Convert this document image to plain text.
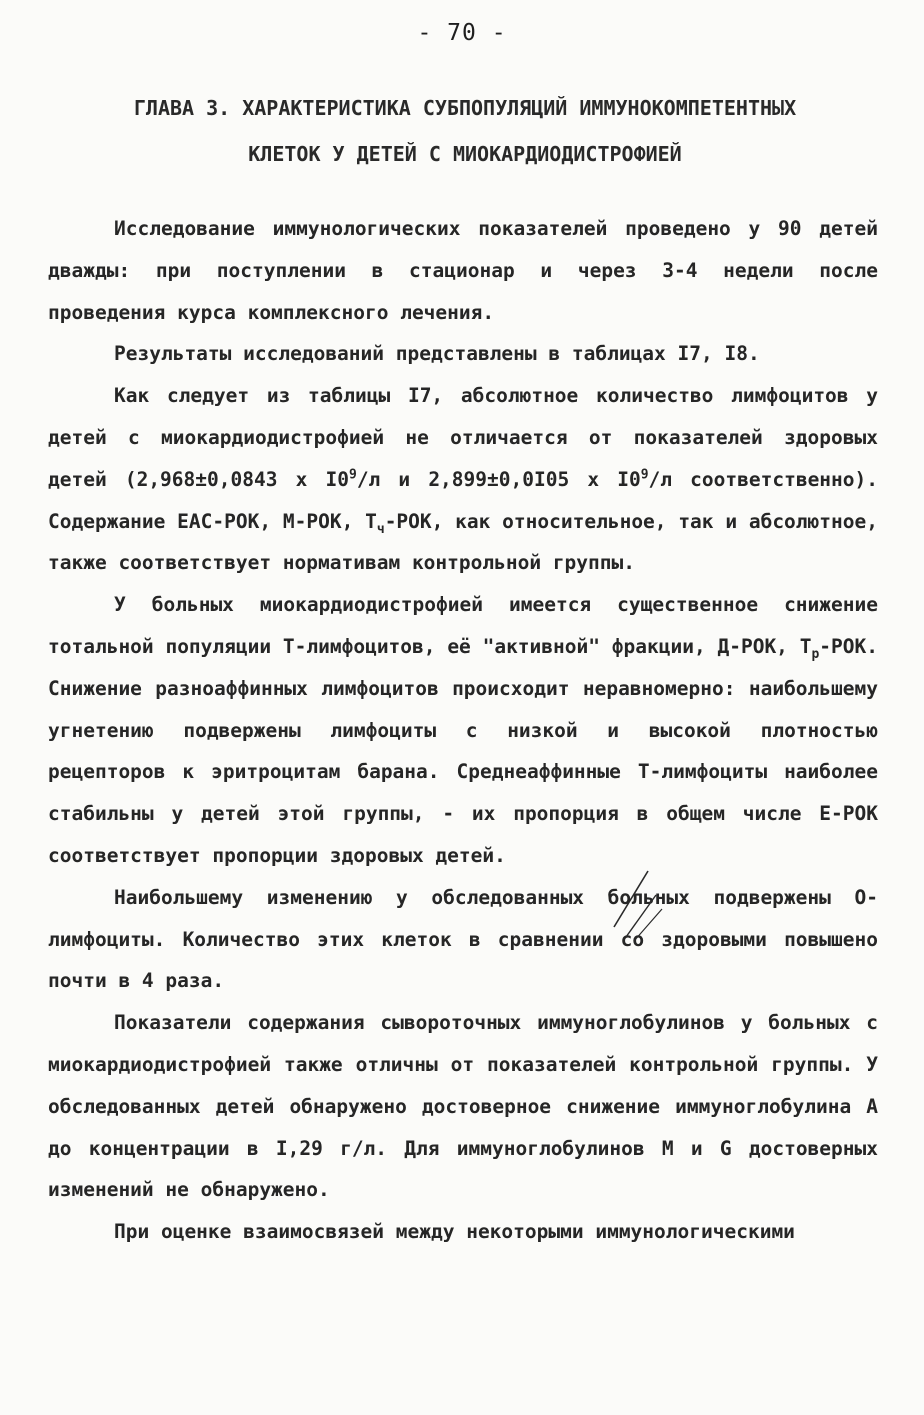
- 70 -
ГЛАВА 3. ХАРАКТЕРИСТИКА СУБПОПУЛЯЦИЙ ИММУНОКОМПЕТЕНТНЫХ
КЛЕТОК У ДЕТЕЙ С МИОКАРДИОДИСТРОФИЕЙ

Исследование иммунологических показателей проведено у 90 детей дважды: при поступлении в стационар и через 3-4 недели после проведения курса комплексного лечения.

Результаты исследований представлены в таблицах I7, I8.

Как следует из таблицы I7, абсолютное количество лимфоцитов у детей с миокардиодистрофией не отличается от показателей здоровых детей (2,968±0,0843 х $I0^9/л$ и 2,899±0,0I05 х $I0^9/л$ соответственно). Содержание ЕАС-РОК, М-РОК, $Т_ч$-РОК, как относительное, так и абсолютное, также соответствует нормативам контрольной группы.

У больных миокардиодистрофией имеется существенное снижение тотальной популяции Т-лимфоцитов, её "активной" фракции, Д-РОК, $Т_р$-РОК. Снижение разноаффинных лимфоцитов происходит неравномерно: наибольшему угнетению подвержены лимфоциты с низкой и высокой плотностью рецепторов к эритроцитам барана. Среднеаффинные Т-лимфоциты наиболее стабильны у детей этой группы, - их пропорция в общем числе Е-РОК соответствует пропорции здоровых детей.

Наибольшему изменению у обследованных больных подвержены О-лимфоциты. Количество этих клеток в сравнении со здоровыми повышено почти в 4 раза.

Показатели содержания сывороточных иммуноглобулинов у больных с миокардиодистрофией также отличны от показателей контрольной группы. У обследованных детей обнаружено достоверное снижение иммуноглобулина А до концентрации в I,29 г/л. Для иммуноглобулинов М и G достоверных изменений не обнаружено.

При оценке взаимосвязей между некоторыми иммунологическими
